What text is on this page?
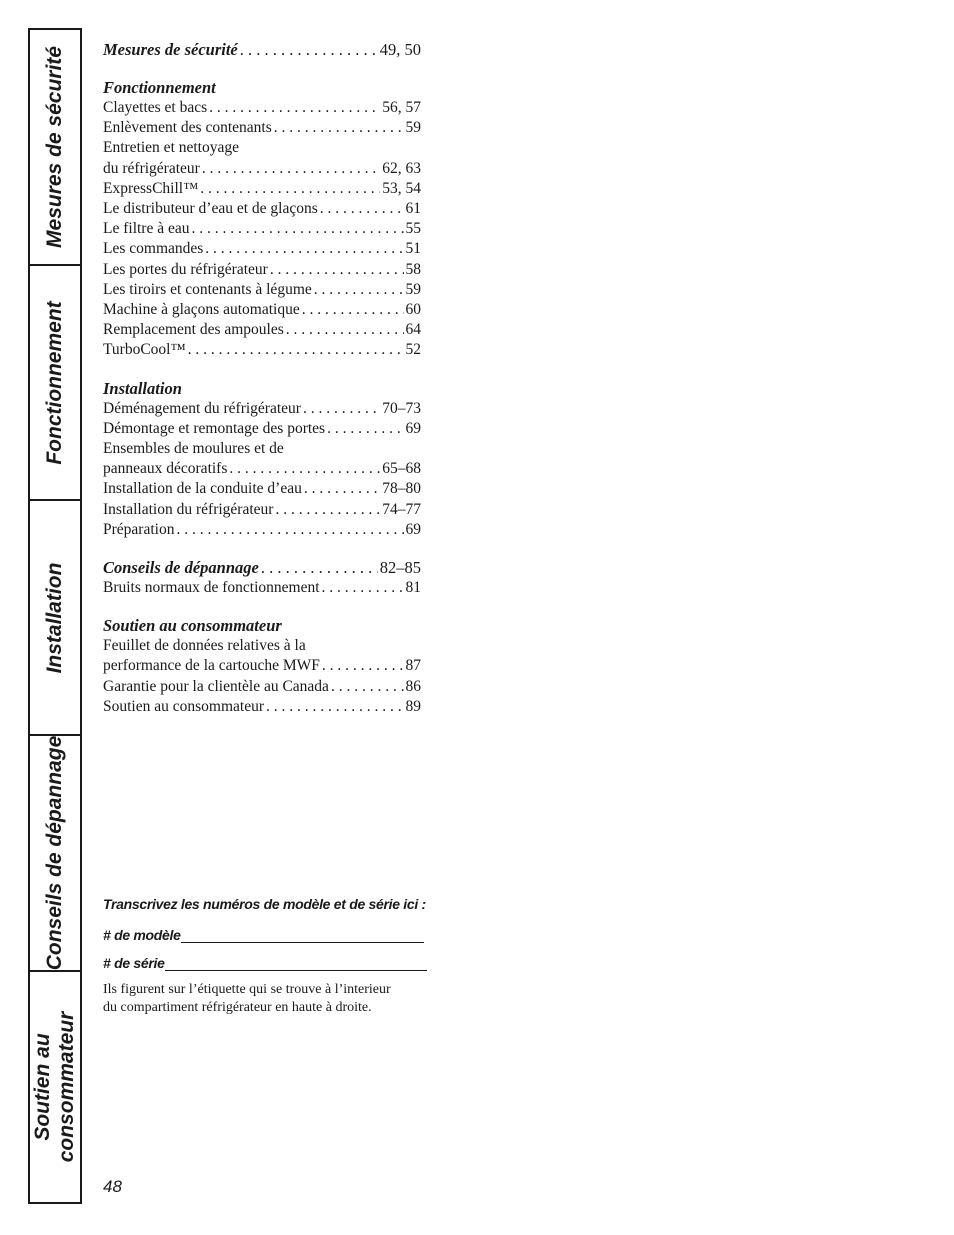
Mesures de sécurité
Fonctionnement
Installation
Conseils de dépannage
Soutien au consommateur
Mesures de sécurité . . .	49, 50
Fonctionnement
Clayettes et bacs . . .	56, 57
Enlèvement des contenants . . .	59
Entretien et nettoyage
du réfrigérateur . . .	62, 63
ExpressChill™ . . .	53, 54
Le distributeur d’eau et de glaçons . . .	61
Le filtre à eau . . .	55
Les commandes . . .	51
Les portes du réfrigérateur . . .	58
Les tiroirs et contenants à légume . . .	59
Machine à glaçons automatique . . .	60
Remplacement des ampoules . . .	64
TurboCool™ . . .	52
Installation
Déménagement du réfrigérateur . . .	70–73
Démontage et remontage des portes . . .	69
Ensembles de moulures et de
panneaux décoratifs . . .	65–68
Installation de la conduite d’eau . . .	78–80
Installation du réfrigérateur . . .	74–77
Préparation . . .	69
Conseils de dépannage . . .	82–85
Bruits normaux de fonctionnement . . .	81
Soutien au consommateur
Feuillet de données relatives à la
performance de la cartouche MWF . . .	87
Garantie pour la clientèle au Canada . . .	86
Soutien au consommateur . . .	89
Transcrivez les numéros de modèle et de série ici :
# de modèle
# de série
Ils figurent sur l’étiquette qui se trouve à l’interieur
du compartiment réfrigérateur en haute à droite.
48
